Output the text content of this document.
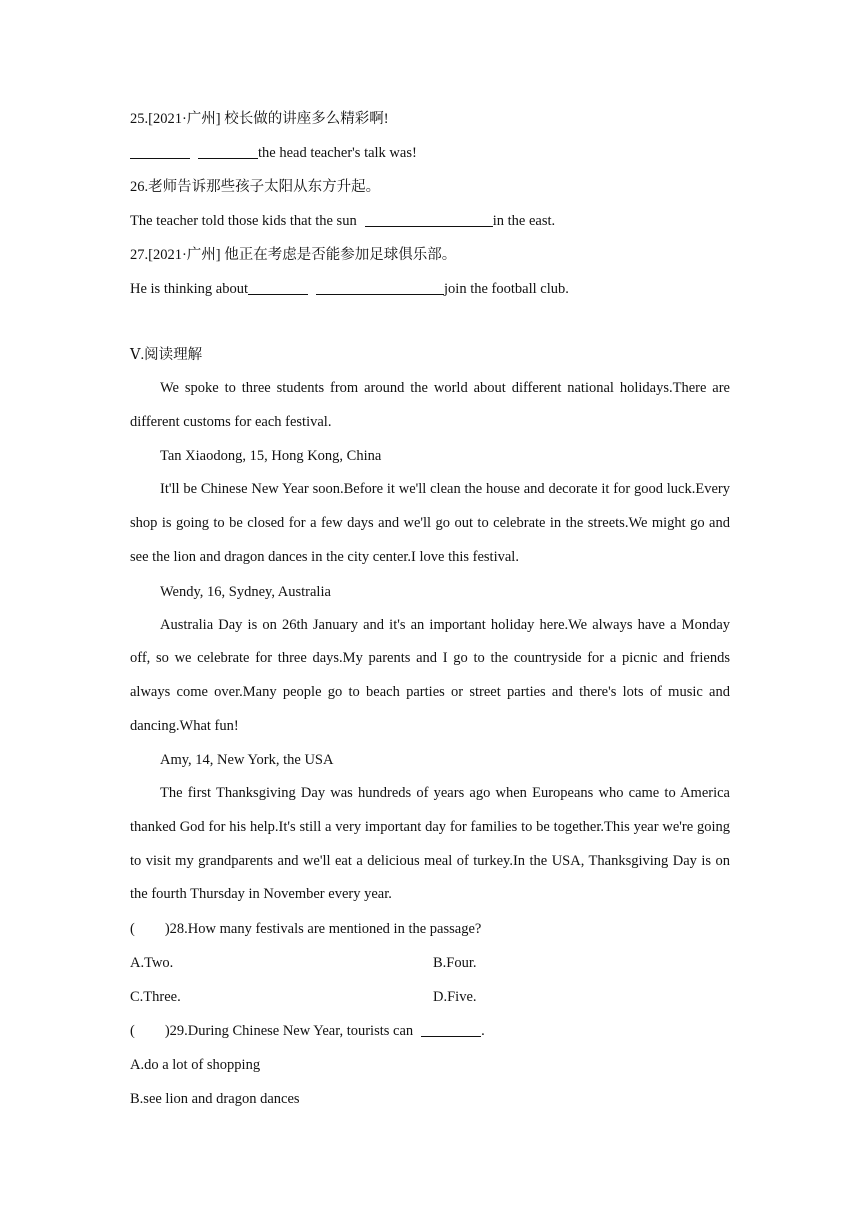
25.[2021·广州] 校长做的讲座多么精彩啊!
the head teacher's talk was!
26.老师告诉那些孩子太阳从东方升起。
The teacher told those kids that the sun	in the east.
27.[2021·广州] 他正在考虑是否能参加足球俱乐部。
He is thinking about	join the football club.
Ⅴ.阅读理解

We spoke to three students from around the world about different national holidays.There are different customs for each festival.

Tan Xiaodong, 15, Hong Kong, China

It'll be Chinese New Year soon.Before it we'll clean the house and decorate it for good luck.Every shop is going to be closed for a few days and we'll go out to celebrate in the streets.We might go and see the lion and dragon dances in the city center.I love this festival.

Wendy, 16, Sydney, Australia

Australia Day is on 26th January and it's an important holiday here.We always have a Monday off, so we celebrate for three days.My parents and I go to the countryside for a picnic and friends always come over.Many people go to beach parties or street parties and there's lots of music and dancing.What fun!

Amy, 14, New York, the USA

The first Thanksgiving Day was hundreds of years ago when Europeans who came to America thanked God for his help.It's still a very important day for families to be together.This year we're going to visit my grandparents and we'll eat a delicious meal of turkey.In the USA, Thanksgiving Day is on the fourth Thursday in November every year.

( )28.How many festivals are mentioned in the passage?
A.Two.	B.Four.
C.Three.	D.Five.
( )29.During Chinese New Year, tourists can	.
A.do a lot of shopping
B.see lion and dragon dances
